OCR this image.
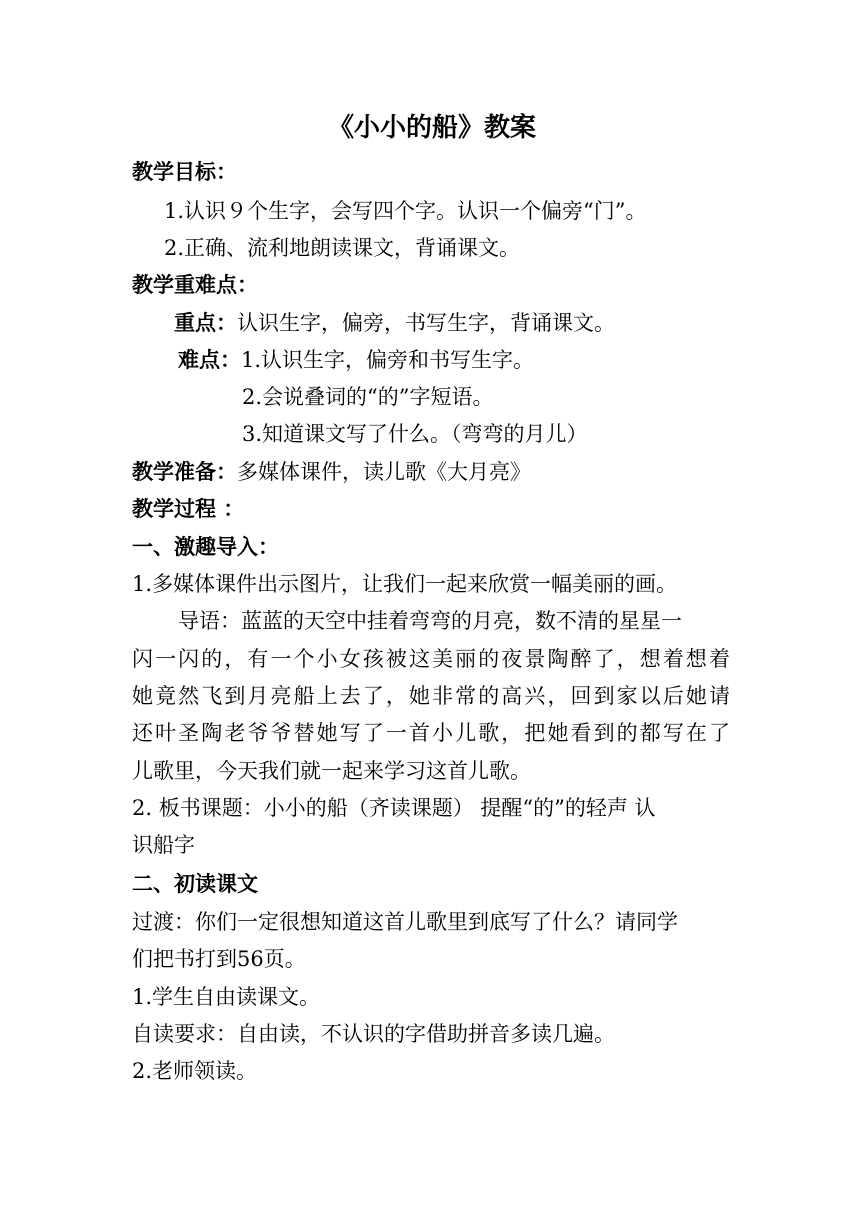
《小小的船》教案
教学目标：
1.认识９个生字，会写四个字。认识一个偏旁“门”。
2.正确、流利地朗读课文，背诵课文。
教学重难点：
重点：认识生字，偏旁，书写生字，背诵课文。
难点：1.认识生字，偏旁和书写生字。
2.会说叠词的“的”字短语。
3.知道课文写了什么。（弯弯的月儿）
教学准备：多媒体课件，读儿歌《大月亮》
教学过程 ：
一、激趣导入：
1.多媒体课件出示图片，让我们一起来欣赏一幅美丽的画。
导语：蓝蓝的天空中挂着弯弯的月亮，数不清的星星一
闪一闪的，有一个小女孩被这美丽的夜景陶醉了，想着想着
她竟然飞到月亮船上去了，她非常的高兴，回到家以后她请
还叶圣陶老爷爷替她写了一首小儿歌，把她看到的都写在了
儿歌里，今天我们就一起来学习这首儿歌。
2. 板书课题：小小的船（齐读课题） 提醒“的”的轻声 认
识船字
二、初读课文
过渡：你们一定很想知道这首儿歌里到底写了什么？请同学
们把书打到56页。
1.学生自由读课文。
自读要求：自由读，不认识的字借助拼音多读几遍。
2.老师领读。
